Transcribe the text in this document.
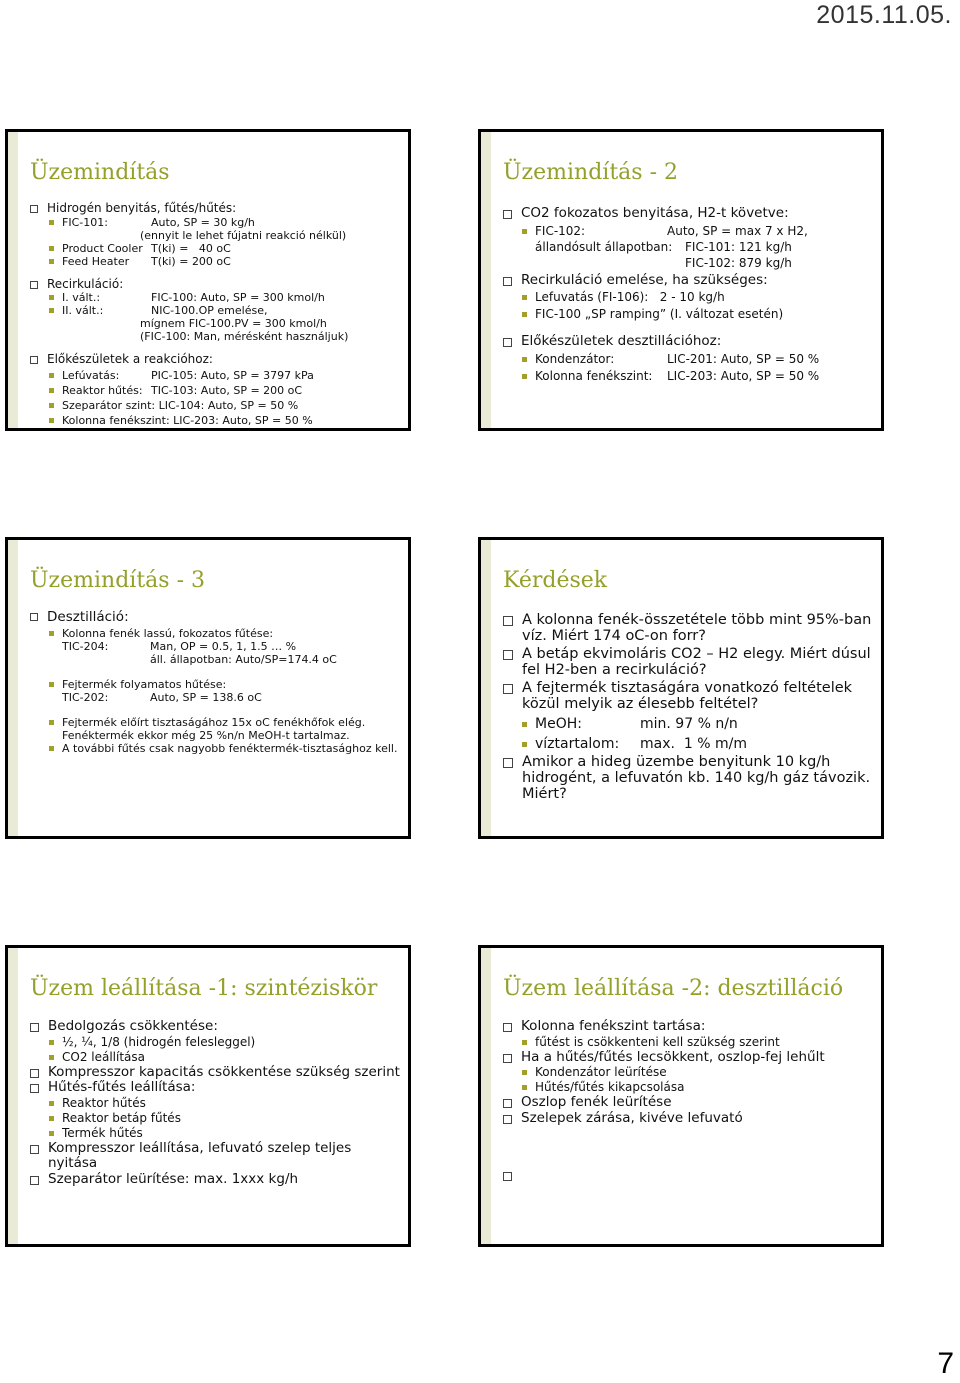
2015.11.05.
Üzemindítás
Hidrogén benyitás, fűtés/hűtés:
FIC-101:	Auto, SP = 30 kg/h
(ennyit le lehet fújatni reakció nélkül)
Product Cooler T(ki) =   40 oC
Feed Heater	T(ki) = 200 oC
Recirkuláció:
I. vált.:	FIC-100: Auto, SP = 300 kmol/h
II. vált.:	NIC-100.OP emelése,
mígnem FIC-100.PV = 300 kmol/h
(FIC-100: Man, mérésként használjuk)
Előkészületek a reakcióhoz:
Lefúvatás:	PIC-105: Auto, SP = 3797 kPa
Reaktor hűtés: TIC-103: Auto, SP = 200 oC
Szeparátor szint: LIC-104: Auto, SP = 50 %
Kolonna fenékszint: LIC-203: Auto, SP = 50 %
Üzemindítás - 2
CO2 fokozatos benyitása, H2-t követve:
FIC-102:	Auto, SP = max 7 x H2,
állandósult állapotban: FIC-101: 121 kg/h
FIC-102: 879 kg/h
Recirkuláció emelése, ha szükséges:
Lefuvatás (FI-106):   2 - 10 kg/h
FIC-100 „SP ramping” (I. változat esetén)
Előkészületek desztillációhoz:
Kondenzátor:	LIC-201: Auto, SP = 50 %
Kolonna fenékszint:	LIC-203: Auto, SP = 50 %
Üzemindítás - 3
Desztilláció:
Kolonna fenék lassú, fokozatos fűtése:
TIC-204:	Man, OP = 0.5, 1, 1.5 … %
áll. állapotban: Auto/SP=174.4 oC
Fejtermék folyamatos hűtése:
TIC-202:	Auto, SP = 138.6 oC
Fejtermék előírt tisztaságához 15x oC fenékhőfok elég.
Fenéktermék ekkor még 25 %n/n MeOH-t tartalmaz.
A további fűtés csak nagyobb fenéktermék-tisztasághoz kell.
Kérdések
A kolonna fenék-összetétele több mint 95%-ban víz. Miért 174 oC-on forr?
A betáp ekvimoláris CO2 – H2 elegy. Miért dúsul fel H2-ben a recirkuláció?
A fejtermék tisztaságára vonatkozó feltételek közül melyik az élesebb feltétel?
MeOH:	min. 97 % n/n
víztartalom:	max.  1 % m/m
Amikor a hideg üzembe benyitunk 10 kg/h hidrogént, a lefuvatón kb. 140 kg/h gáz távozik. Miért?
Üzem leállítása -1: szintéziskör
Bedolgozás csökkentése:
½, ¼, 1/8 (hidrogén felesleggel)
CO2 leállítása
Kompresszor kapacitás csökkentése szükség szerint
Hűtés-fűtés leállítása:
Reaktor hűtés
Reaktor betáp fűtés
Termék hűtés
Kompresszor leállítása, lefuvató szelep teljes nyitása
Szeparátor leürítése: max. 1xxx kg/h
Üzem leállítása -2: desztilláció
Kolonna fenékszint tartása:
fűtést is csökkenteni kell szükség szerint
Ha a hűtés/fűtés lecsökkent, oszlop-fej lehűlt
Kondenzátor leürítése
Hűtés/fűtés kikapcsolása
Oszlop fenék leürítése
Szelepek zárása, kivéve lefuvató
7
